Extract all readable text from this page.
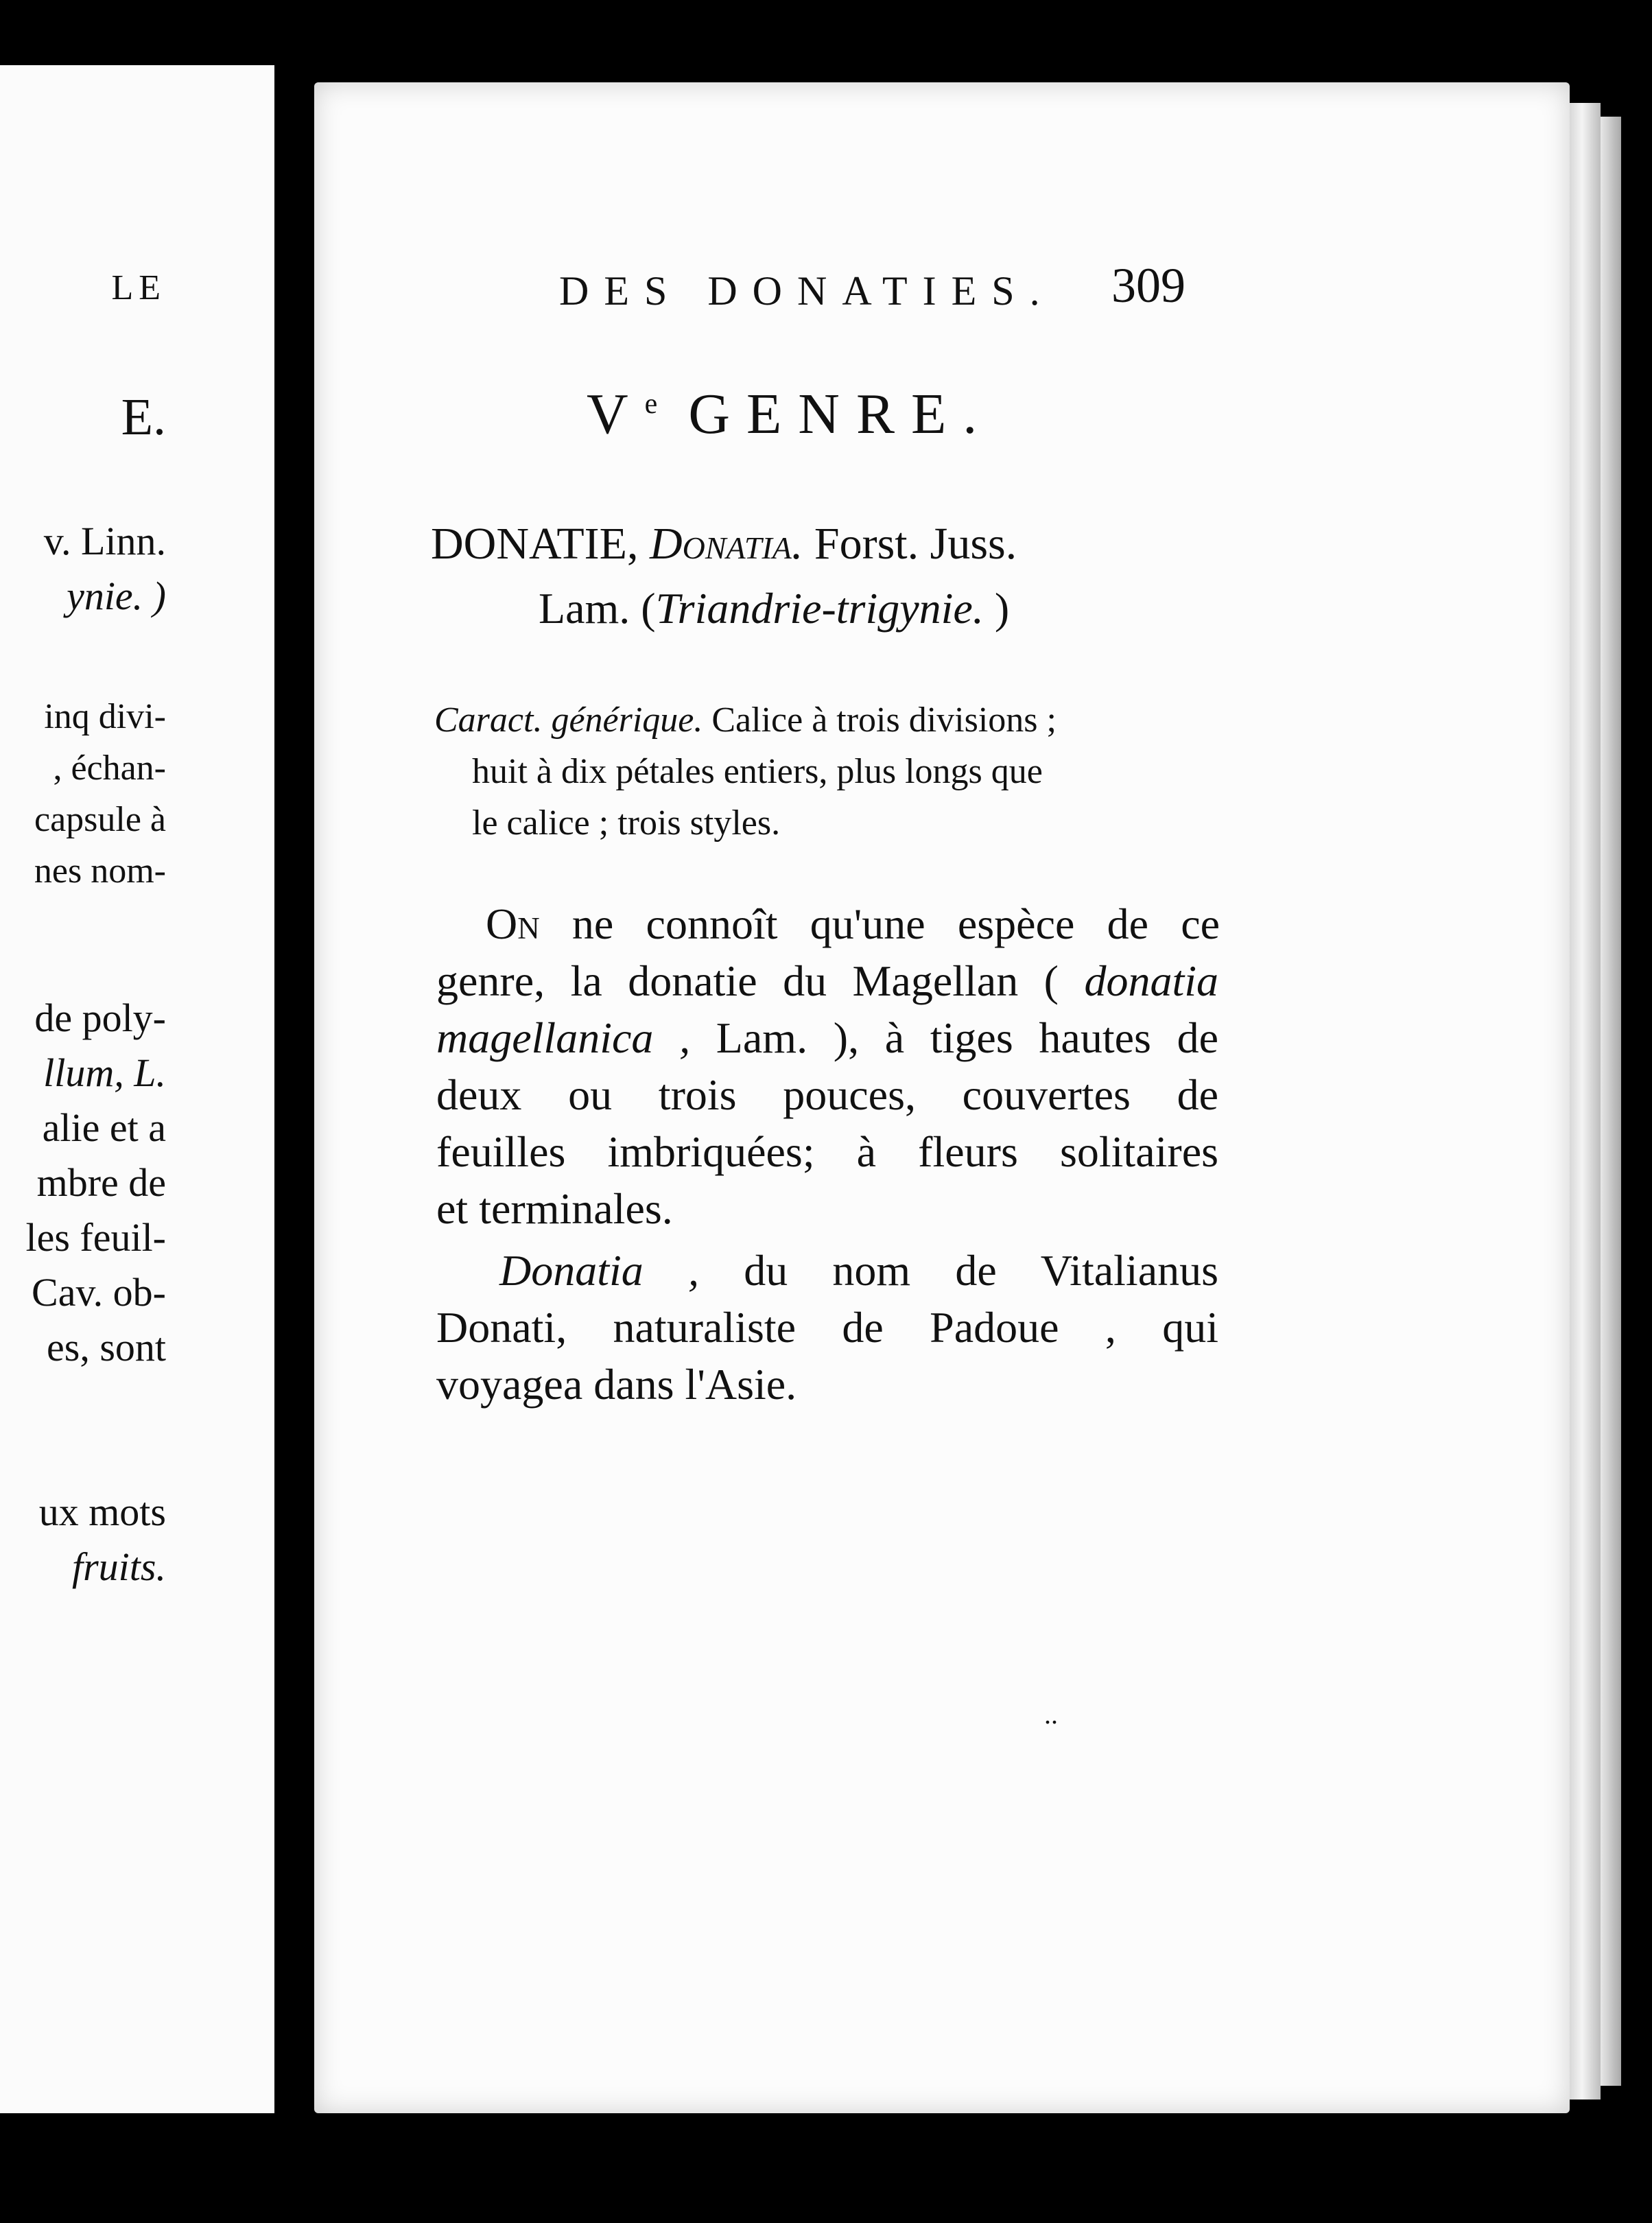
LE
E.
v. Linn.
ynie. )
inq divi-
, échan-
capsule à
nes nom-
de poly-
llum, L.
alie et a
mbre de
les feuil-
Cav. ob-
es, sont
ux mots
fruits.
DES DONATIES. 309
Ve GENRE.
DONATIE, Donatia. Forst. Juss.
Lam. (Triandrie-trigynie. )
Caract. générique. Calice à trois divisions ;
huit à dix pétales entiers, plus longs que
le calice ; trois styles.
On ne connoît qu'une espèce de ce
genre, la donatie du Magellan ( donatia
magellanica , Lam. ), à tiges hautes de
deux ou trois pouces, couvertes de
feuilles imbriquées; à fleurs solitaires
et terminales.
Donatia , du nom de Vitalianus
Donati, naturaliste de Padoue , qui
voyagea dans l'Asie.
..
